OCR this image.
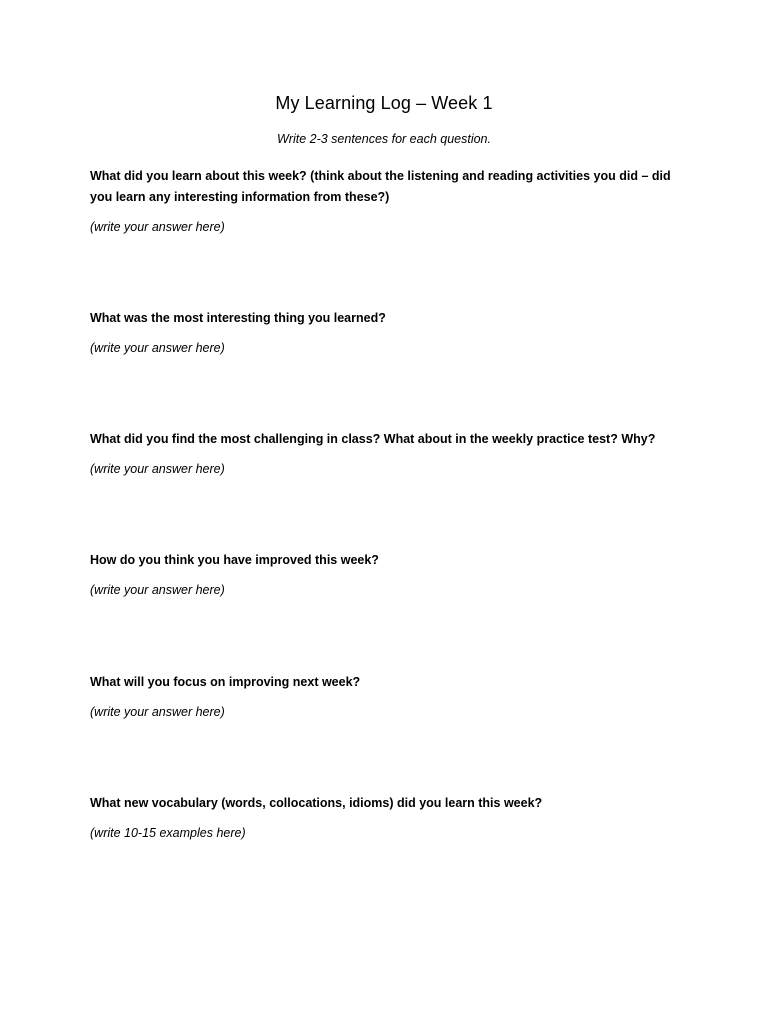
My Learning Log – Week 1
Write 2-3 sentences for each question.

What did you learn about this week? (think about the listening and reading activities you did – did you learn any interesting information from these?)

(write your answer here)

What was the most interesting thing you learned?

(write your answer here)

What did you find the most challenging in class? What about in the weekly practice test? Why?

(write your answer here)

How do you think you have improved this week?

(write your answer here)

What will you focus on improving next week?

(write your answer here)

What new vocabulary (words, collocations, idioms) did you learn this week?

(write 10-15 examples here)
